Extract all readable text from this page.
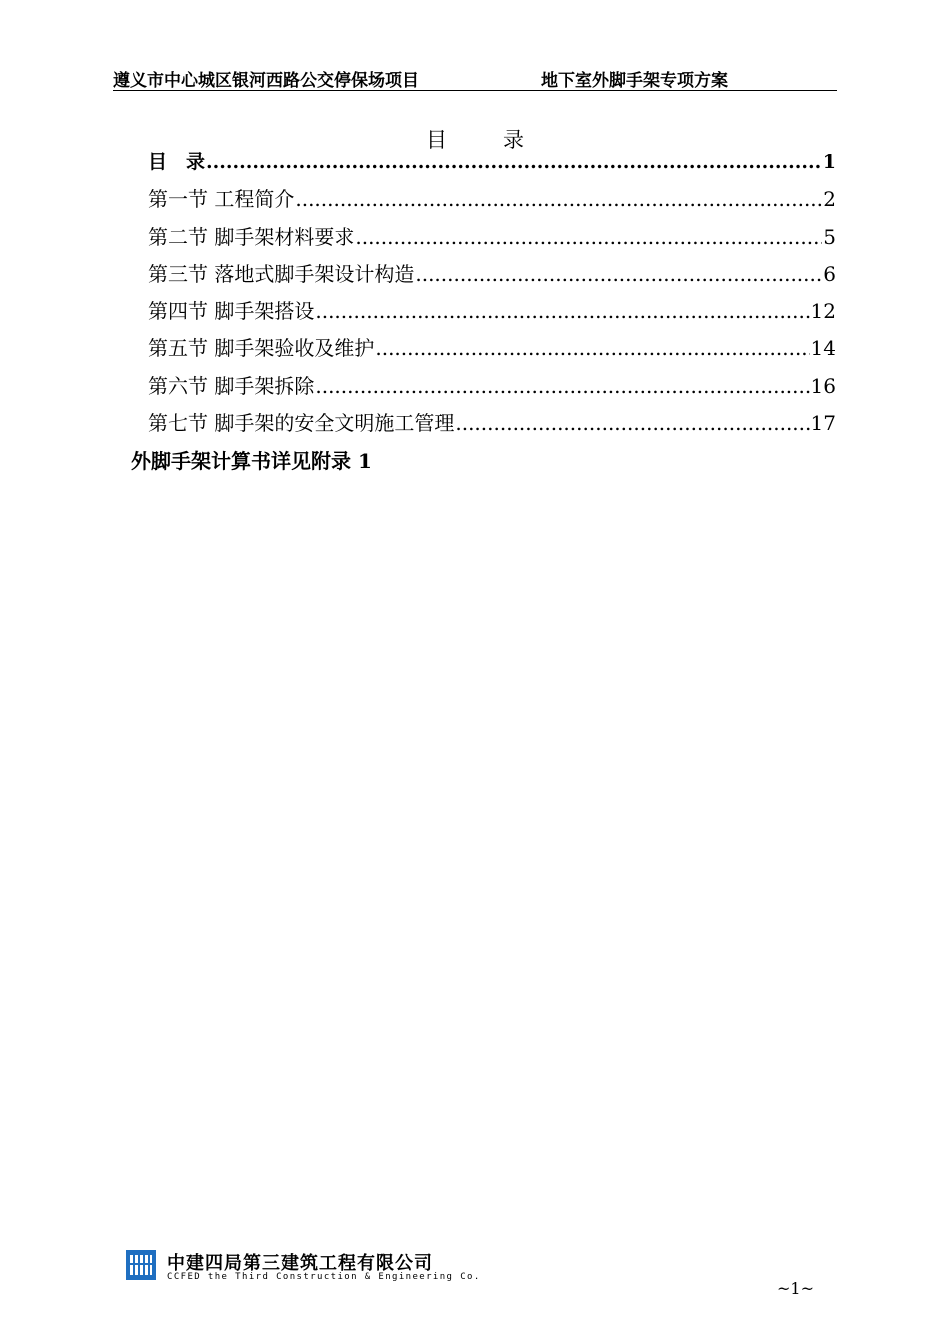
遵义市中心城区银河西路公交停保场项目	地下室外脚手架专项方案
目 录
目　录 .....	1
第一节 工程简介 .....	2
第二节 脚手架材料要求 .....	5
第三节 落地式脚手架设计构造 .....	6
第四节 脚手架搭设 .....	12
第五节 脚手架验收及维护 .....	14
第六节 脚手架拆除 .....	16
第七节 脚手架的安全文明施工管理 .....	17
外脚手架计算书详见附录 1
中建四局第三建筑工程有限公司
CCFED the Third Construction & Engineering Co.
~1~
